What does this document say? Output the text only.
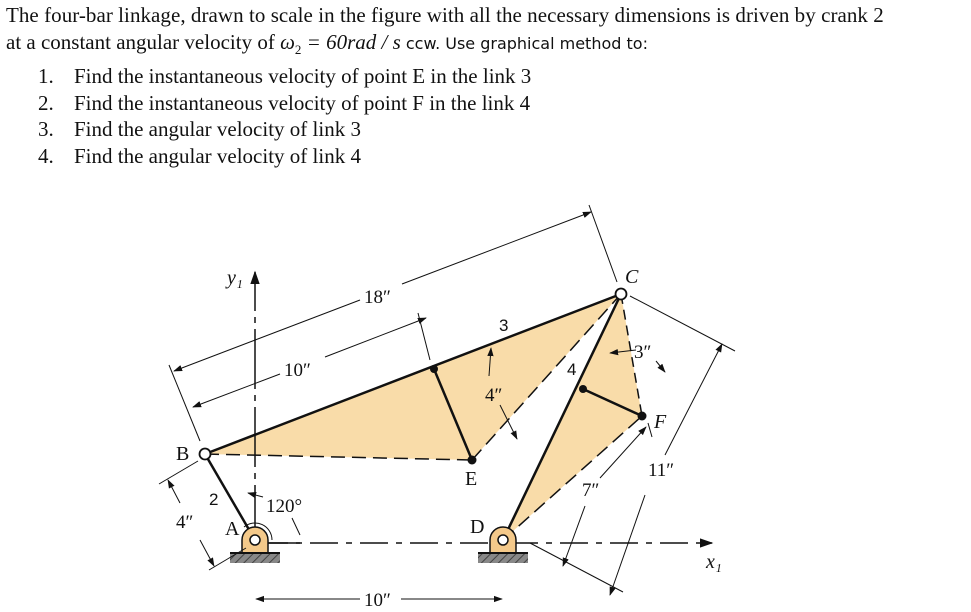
The four-bar linkage, drawn to scale in the figure with all the necessary dimensions is driven by crank 2
at a constant angular velocity of $\omega_2 = 60rad / s$ ccw. Use graphical method to:
1. Find the instantaneous velocity of point E in the link 3
2. Find the instantaneous velocity of point F in the link 4
3. Find the angular velocity of link 3
4. Find the angular velocity of link 4
18″
10″
4″
3″
11″
7″
4″
120°
10″
y₁
x₁
2
3
4
A
B
C
D
E
F
